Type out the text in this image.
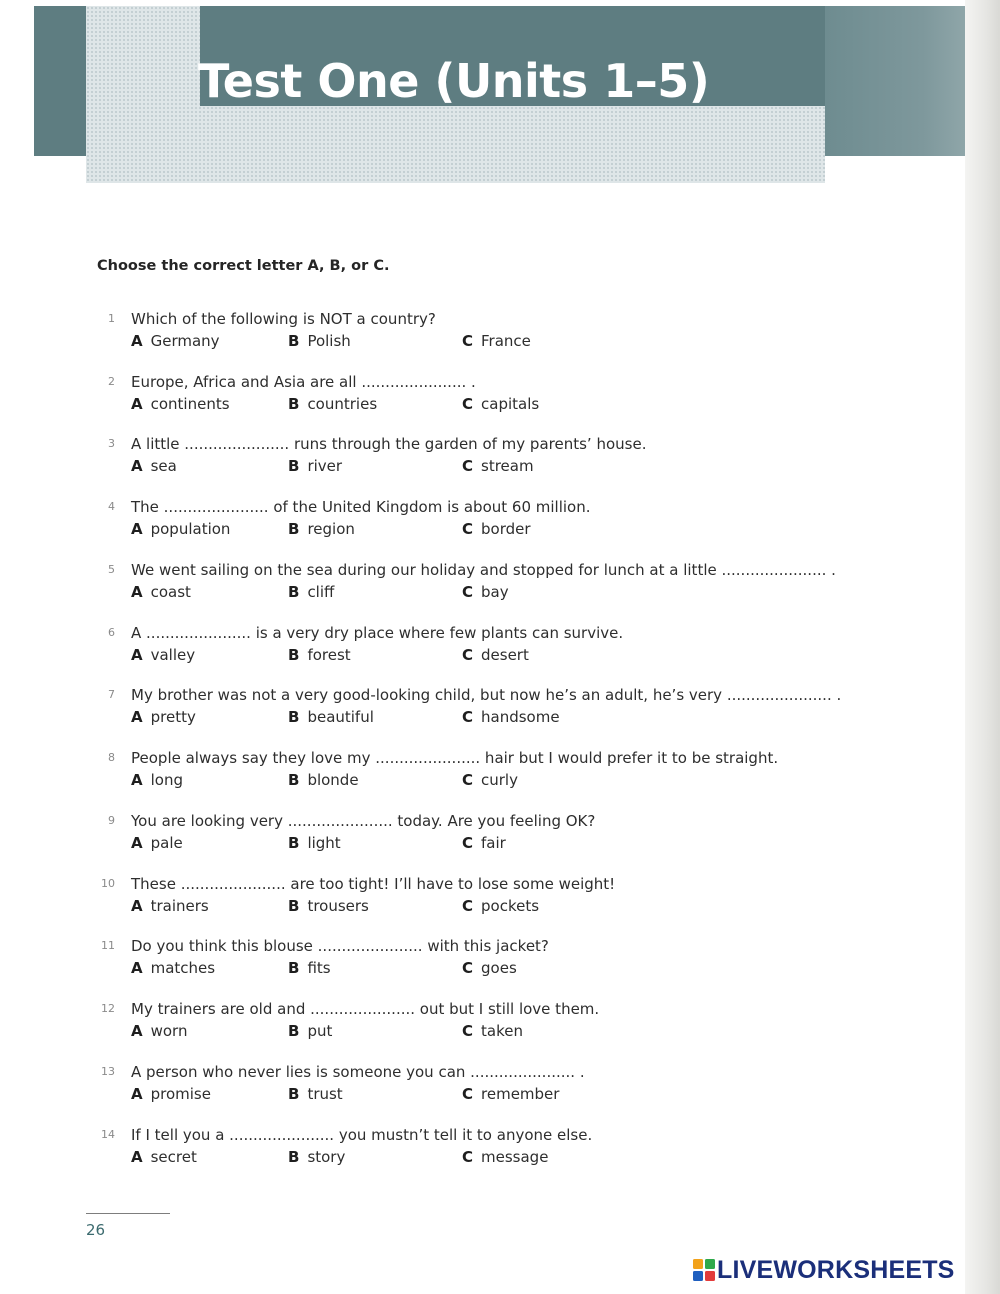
Test One (Units 1–5)

Choose the correct letter A, B, or C.

1 Which of the following is NOT a country?
A Germany	B Polish	C France
2 Europe, Africa and Asia are all ...................... .
A continents	B countries	C capitals
3 A little ...................... runs through the garden of my parents’ house.
A sea	B river	C stream
4 The ...................... of the United Kingdom is about 60 million.
A population	B region	C border
5 We went sailing on the sea during our holiday and stopped for lunch at a little ...................... .
A coast	B cliff	C bay
6 A ...................... is a very dry place where few plants can survive.
A valley	B forest	C desert
7 My brother was not a very good-looking child, but now he’s an adult, he’s very ...................... .
A pretty	B beautiful	C handsome
8 People always say they love my ...................... hair but I would prefer it to be straight.
A long	B blonde	C curly
9 You are looking very ...................... today. Are you feeling OK?
A pale	B light	C fair
10 These ...................... are too tight! I’ll have to lose some weight!
A trainers	B trousers	C pockets
11 Do you think this blouse ...................... with this jacket?
A matches	B fits	C goes
12 My trainers are old and ...................... out but I still love them.
A worn	B put	C taken
13 A person who never lies is someone you can ...................... .
A promise	B trust	C remember
14 If I tell you a ...................... you mustn’t tell it to anyone else.
A secret	B story	C message
26
LIVEWORKSHEETS
